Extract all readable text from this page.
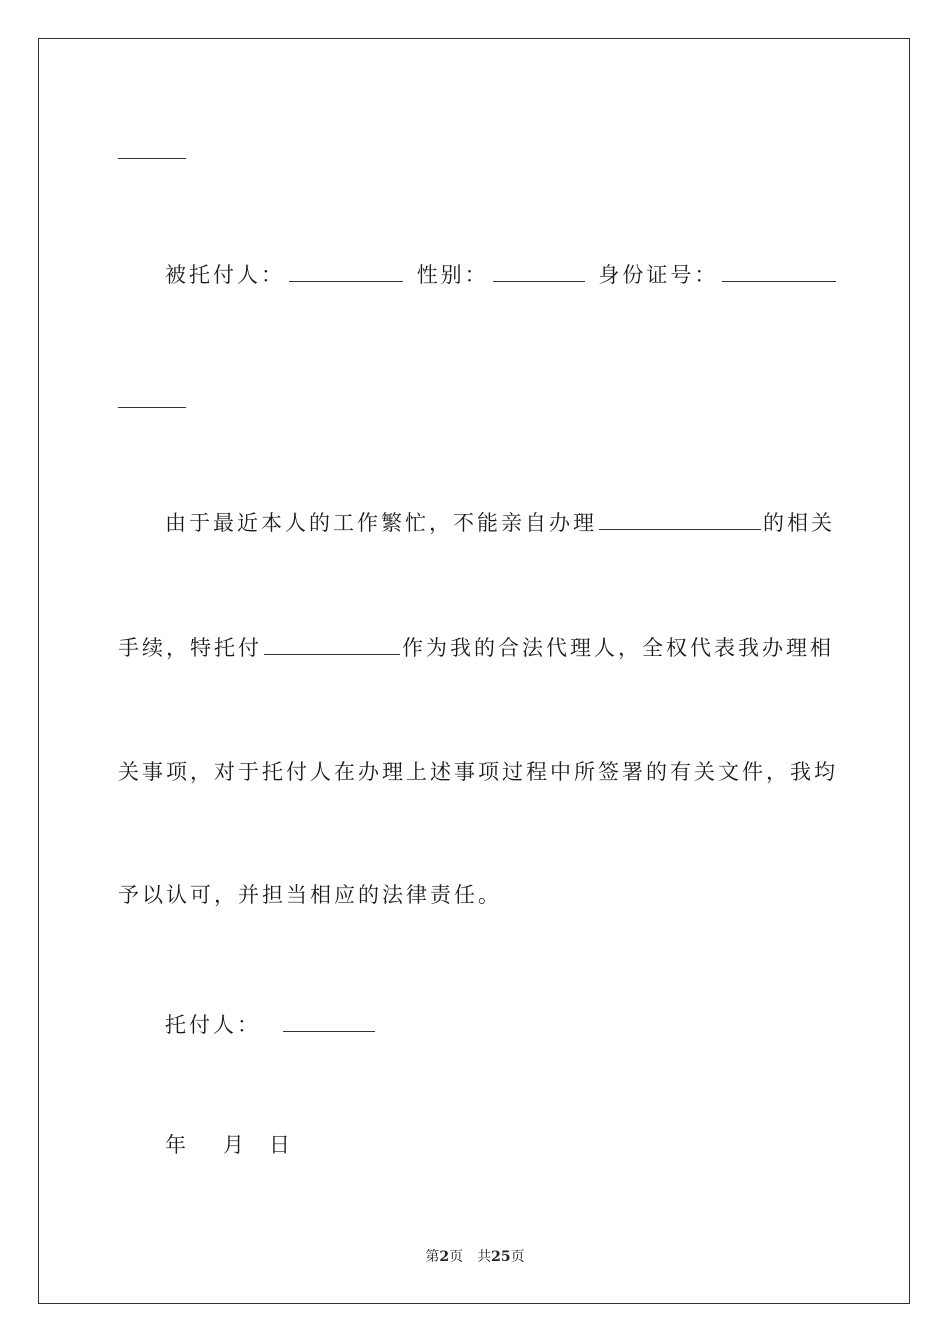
被托付人：	性别：	身份证号：
由于最近本人的工作繁忙，不能亲自办理	的相关
手续，特托付	作为我的合法代理人，全权代表我办理相
关事项，对于托付人在办理上述事项过程中所签署的有关文件，我均
予以认可，并担当相应的法律责任。
托付人：
年 月 日
第2页 共25页
